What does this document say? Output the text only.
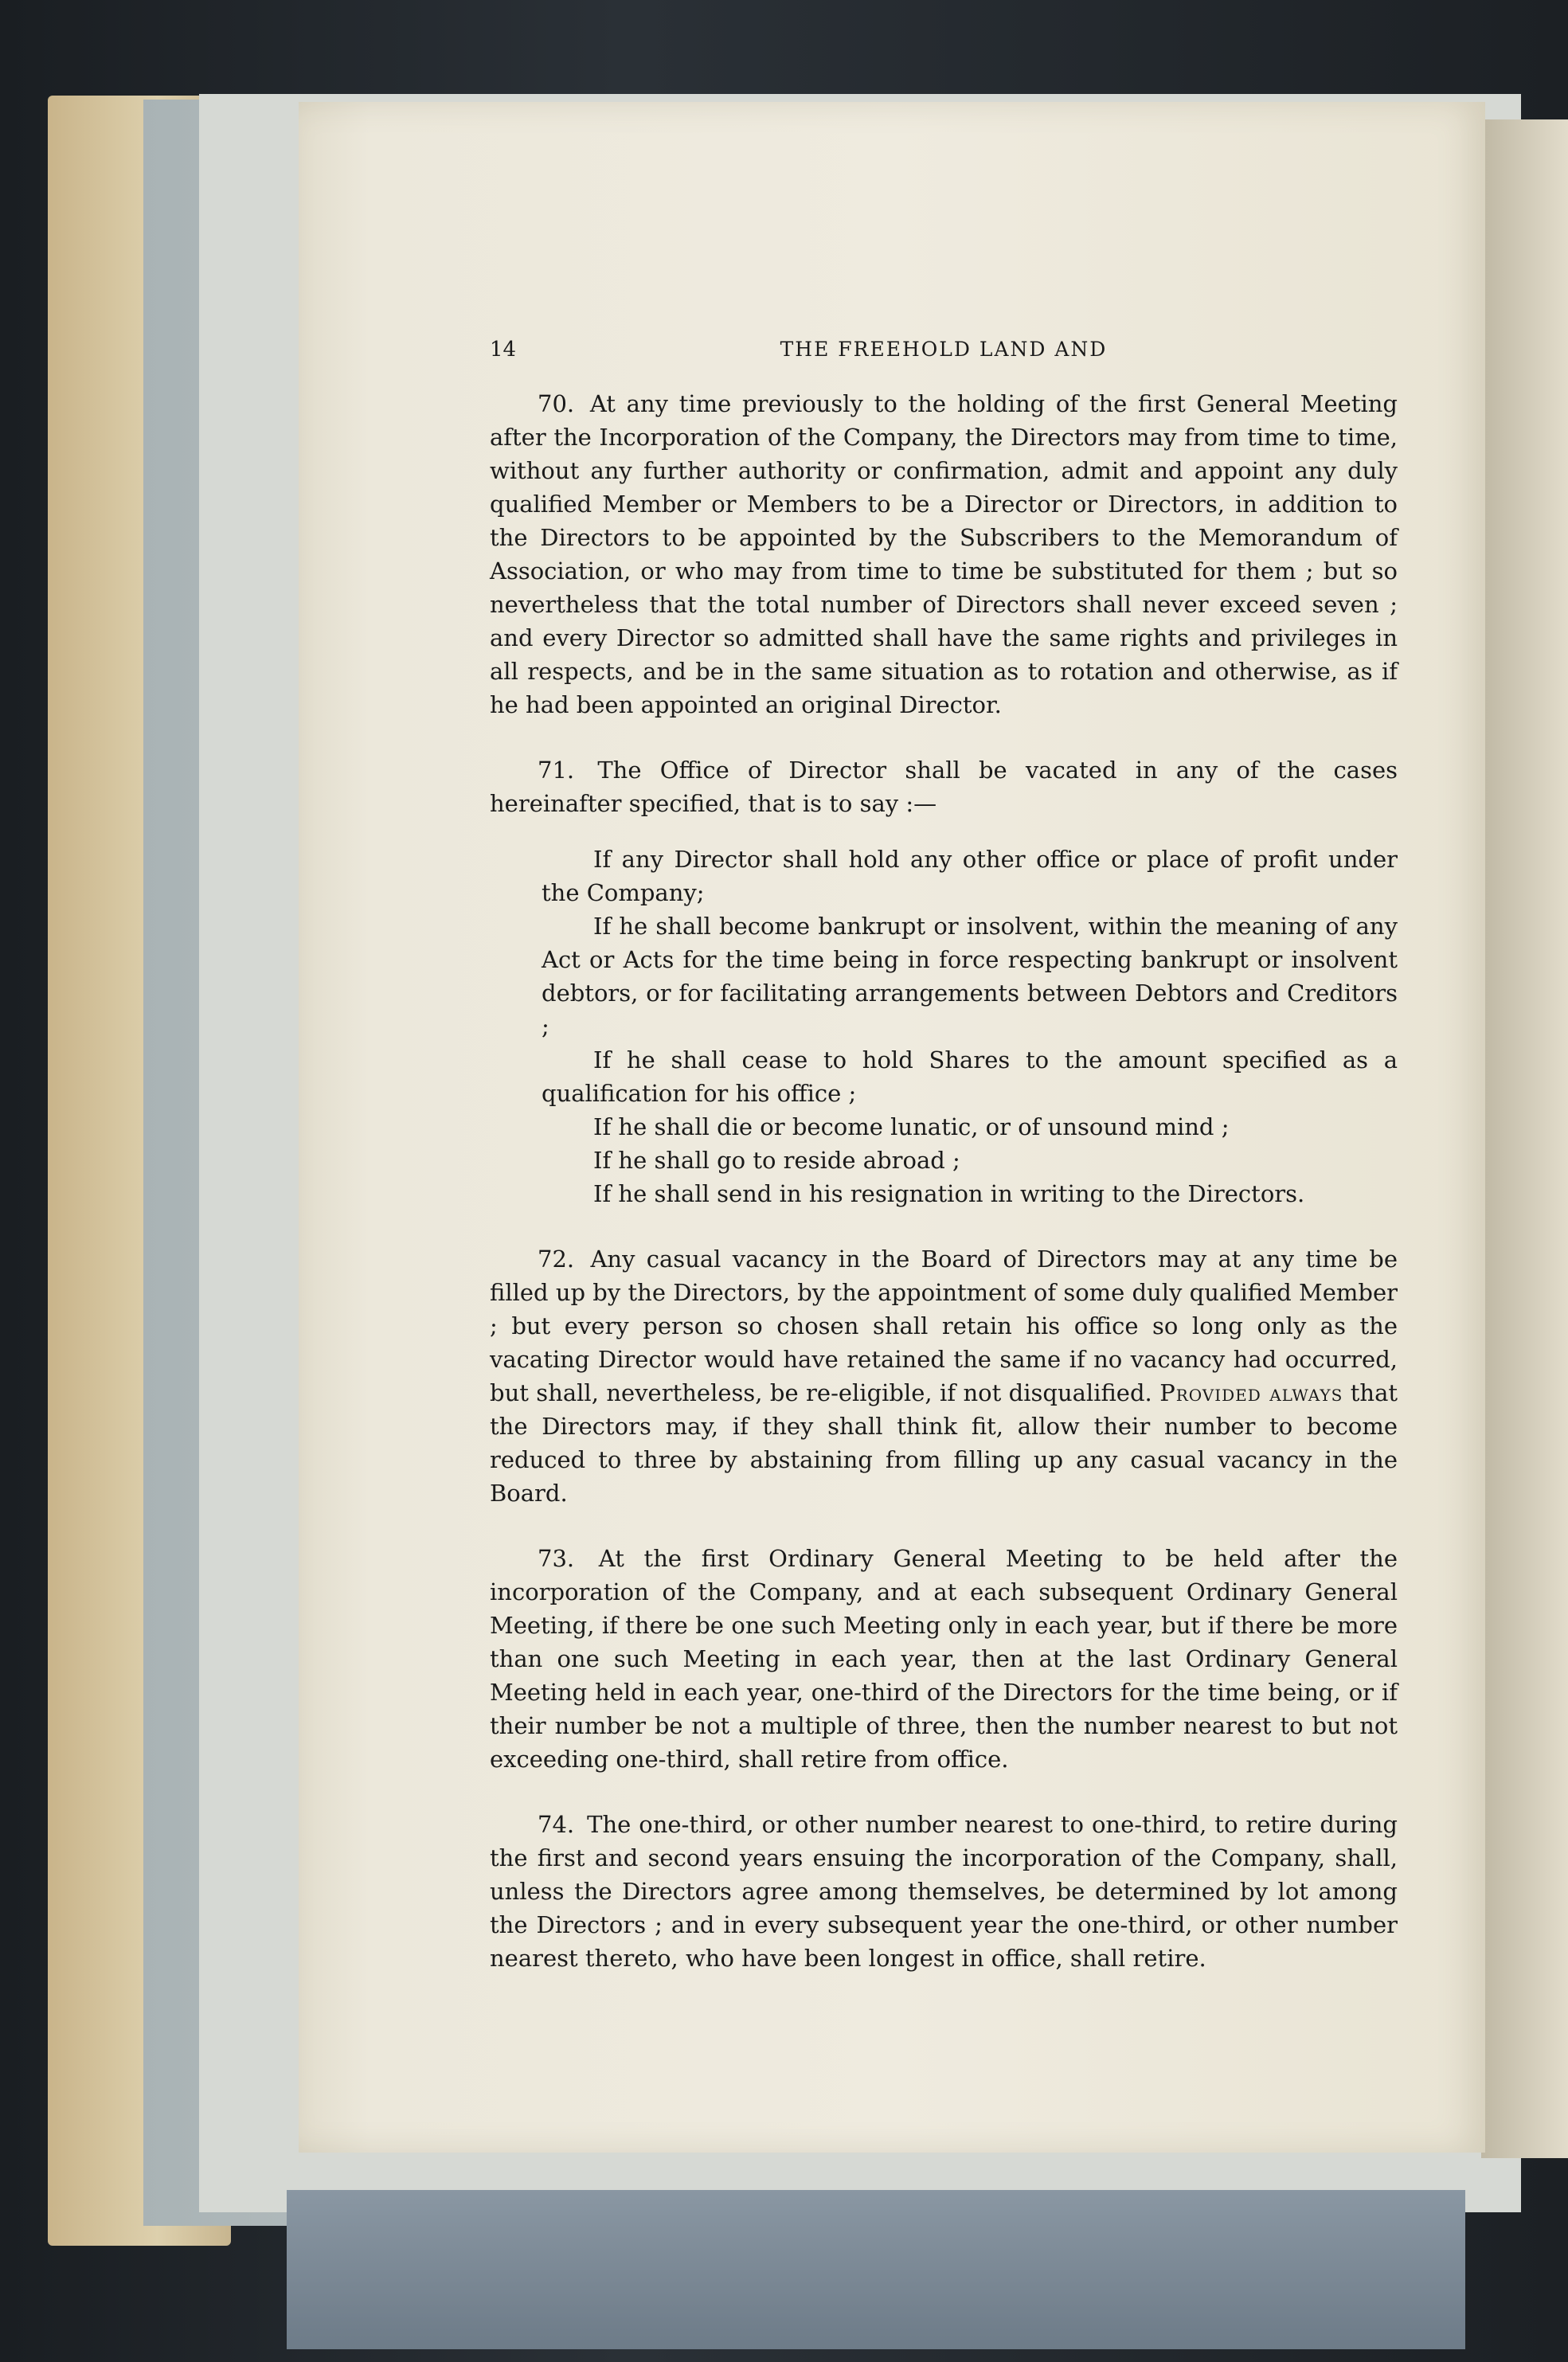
14	THE FREEHOLD LAND AND

70. At any time previously to the holding of the first General Meeting after the Incorporation of the Company, the Directors may from time to time, without any further authority or confirmation, admit and appoint any duly qualified Member or Members to be a Director or Directors, in addition to the Directors to be appointed by the Subscribers to the Memorandum of Association, or who may from time to time be substituted for them ; but so nevertheless that the total number of Directors shall never exceed seven ; and every Director so admitted shall have the same rights and privileges in all respects, and be in the same situation as to rotation and otherwise, as if he had been appointed an original Director.

71. The Office of Director shall be vacated in any of the cases hereinafter specified, that is to say :—

If any Director shall hold any other office or place of profit under the Company;

If he shall become bankrupt or insolvent, within the meaning of any Act or Acts for the time being in force respecting bankrupt or insolvent debtors, or for facilitating arrangements between Debtors and Creditors ;

If he shall cease to hold Shares to the amount specified as a qualification for his office ;

If he shall die or become lunatic, or of unsound mind ;

If he shall go to reside abroad ;

If he shall send in his resignation in writing to the Directors.

72. Any casual vacancy in the Board of Directors may at any time be filled up by the Directors, by the appointment of some duly qualified Member ; but every person so chosen shall retain his office so long only as the vacating Director would have retained the same if no vacancy had occurred, but shall, nevertheless, be re-eligible, if not disqualified. Provided always that the Directors may, if they shall think fit, allow their number to become reduced to three by abstaining from filling up any casual vacancy in the Board.

73. At the first Ordinary General Meeting to be held after the incorporation of the Company, and at each subsequent Ordinary General Meeting, if there be one such Meeting only in each year, but if there be more than one such Meeting in each year, then at the last Ordinary General Meeting held in each year, one-third of the Directors for the time being, or if their number be not a multiple of three, then the number nearest to but not exceeding one-third, shall retire from office.

74. The one-third, or other number nearest to one-third, to retire during the first and second years ensuing the incorporation of the Company, shall, unless the Directors agree among themselves, be determined by lot among the Directors ; and in every subsequent year the one-third, or other number nearest thereto, who have been longest in office, shall retire.
